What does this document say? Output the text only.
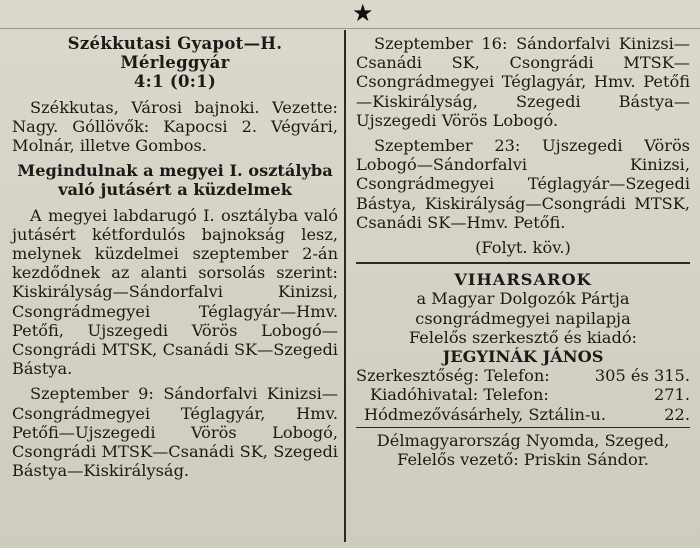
★

Székkutasi Gyapot—H. Mérleggyár

4:1 (0:1)

Székkutas, Városi bajnoki. Vezette: Nagy. Góllövők: Kapocsi 2. Végvári, Molnár, illetve Gombos.

Megindulnak a megyei I. osztályba való jutásért a küzdelmek

A megyei labdarugó I. osztályba való jutásért kétfordulós bajnokság lesz, melynek küzdelmei szeptember 2-án kezdődnek az alanti sorsolás szerint: Kiskirályság—Sándorfalvi Kinizsi, Csongrádmegyei Téglagyár—Hmv. Petőfi, Ujszegedi Vörös Lobogó—Csongrádi MTSK, Csanádi SK—Szegedi Bástya.

Szeptember 9: Sándorfalvi Kinizsi—Csongrádmegyei Téglagyár, Hmv. Petőfi—Ujszegedi Vörös Lobogó, Csongrádi MTSK—Csanádi SK, Szegedi Bástya—Kiskirályság.

Szeptember 16: Sándorfalvi Kinizsi—Csanádi SK, Csongrádi MTSK—Csongrádmegyei Téglagyár, Hmv. Petőfi—Kiskirályság, Szegedi Bástya—Ujszegedi Vörös Lobogó.

Szeptember 23: Ujszegedi Vörös Lobogó—Sándorfalvi Kinizsi, Csongrádmegyei Téglagyár—Szegedi Bástya, Kiskirályság—Csongrádi MTSK, Csanádi SK—Hmv. Petőfi.

(Folyt. köv.)

VIHARSAROK

a Magyar Dolgozók Pártja

csongrádmegyei napilapja

Felelős szerkesztő és kiadó:

JEGYINÁK JÁNOS

Szerkesztőség: Telefon:	305 és 315.
Kiadóhivatal: Telefon:	271.
Hódmezővásárhely, Sztálin-u.	22.

Délmagyarország Nyomda, Szeged,

Felelős vezető: Priskin Sándor.
